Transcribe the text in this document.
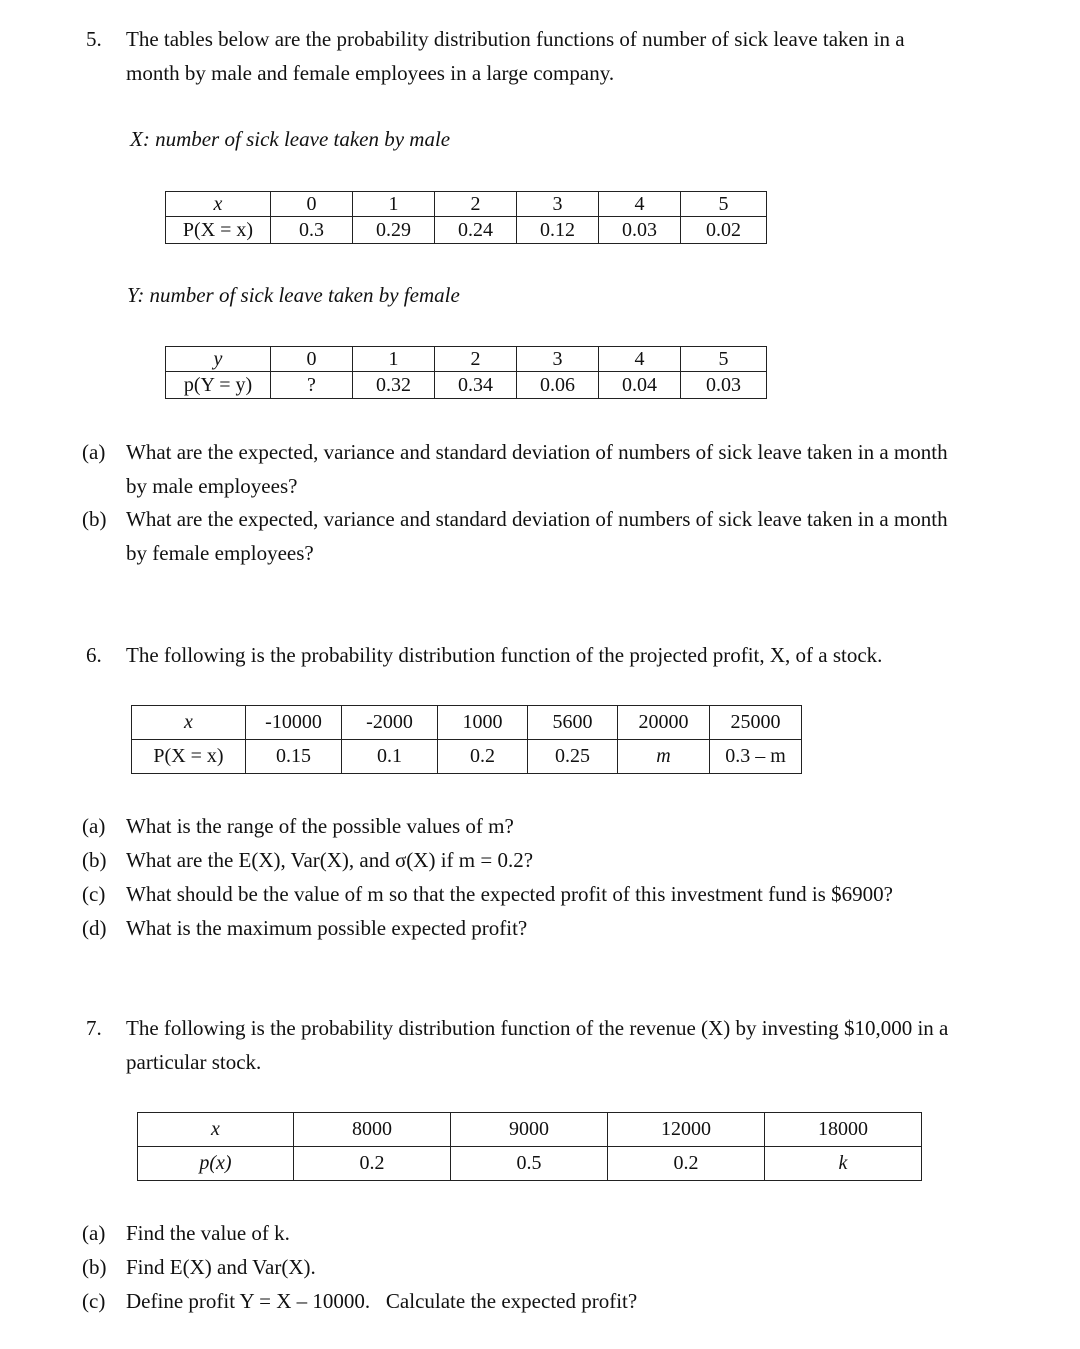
5. The tables below are the probability distribution functions of number of sick leave taken in a
month by male and female employees in a large company.
X: number of sick leave taken by male
x	0	1	2	3	4	5
P(X = x)	0.3	0.29	0.24	0.12	0.03	0.02
Y: number of sick leave taken by female
y	0	1	2	3	4	5
p(Y = y)	?	0.32	0.34	0.06	0.04	0.03
(a) What are the expected, variance and standard deviation of numbers of sick leave taken in a month
by male employees?
(b) What are the expected, variance and standard deviation of numbers of sick leave taken in a month
by female employees?
6. The following is the probability distribution function of the projected profit, X, of a stock.
x	-10000	-2000	1000	5600	20000	25000
P(X = x)	0.15	0.1	0.2	0.25	m	0.3 – m
(a) What is the range of the possible values of m?
(b) What are the E(X), Var(X), and σ(X) if m = 0.2?
(c) What should be the value of m so that the expected profit of this investment fund is $6900?
(d) What is the maximum possible expected profit?
7. The following is the probability distribution function of the revenue (X) by investing $10,000 in a
particular stock.
x	8000	9000	12000	18000
p(x)	0.2	0.5	0.2	k
(a) Find the value of k.
(b) Find E(X) and Var(X).
(c) Define profit Y = X – 10000.   Calculate the expected profit?
